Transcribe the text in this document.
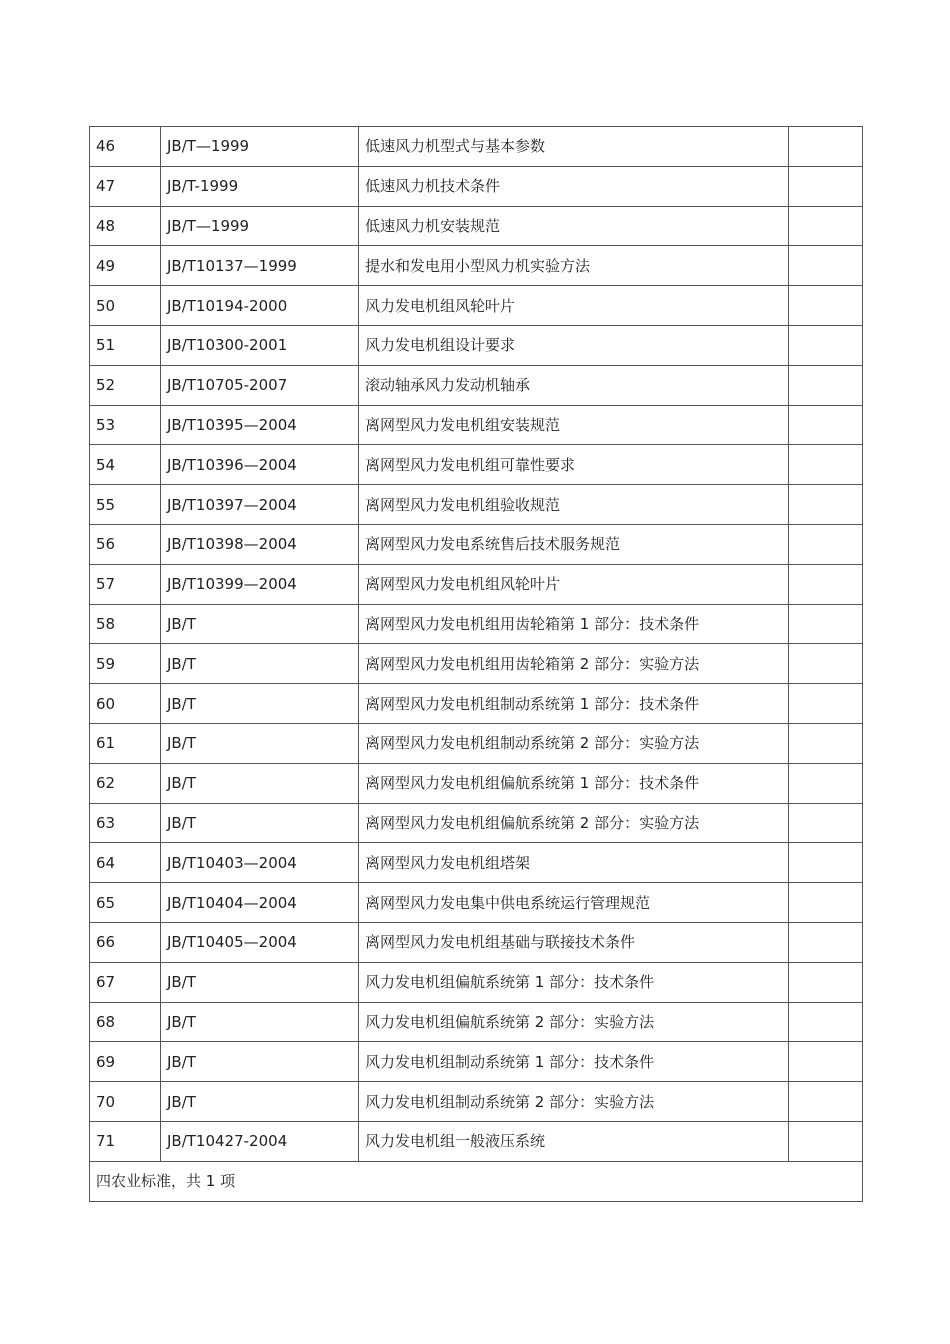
46	JB/T—1999	低速风力机型式与基本参数	
47	JB/T-1999	低速风力机技术条件	
48	JB/T—1999	低速风力机安装规范	
49	JB/T10137—1999	提水和发电用小型风力机实验方法	
50	JB/T10194-2000	风力发电机组风轮叶片	
51	JB/T10300-2001	风力发电机组设计要求	
52	JB/T10705-2007	滚动轴承风力发动机轴承	
53	JB/T10395—2004	离网型风力发电机组安装规范	
54	JB/T10396—2004	离网型风力发电机组可靠性要求	
55	JB/T10397—2004	离网型风力发电机组验收规范	
56	JB/T10398—2004	离网型风力发电系统售后技术服务规范	
57	JB/T10399—2004	离网型风力发电机组风轮叶片	
58	JB/T	离网型风力发电机组用齿轮箱第 1 部分：技术条件	
59	JB/T	离网型风力发电机组用齿轮箱第 2 部分：实验方法	
60	JB/T	离网型风力发电机组制动系统第 1 部分：技术条件	
61	JB/T	离网型风力发电机组制动系统第 2 部分：实验方法	
62	JB/T	离网型风力发电机组偏航系统第 1 部分：技术条件	
63	JB/T	离网型风力发电机组偏航系统第 2 部分：实验方法	
64	JB/T10403—2004	离网型风力发电机组塔架	
65	JB/T10404—2004	离网型风力发电集中供电系统运行管理规范	
66	JB/T10405—2004	离网型风力发电机组基础与联接技术条件	
67	JB/T	风力发电机组偏航系统第 1 部分：技术条件	
68	JB/T	风力发电机组偏航系统第 2 部分：实验方法	
69	JB/T	风力发电机组制动系统第 1 部分：技术条件	
70	JB/T	风力发电机组制动系统第 2 部分：实验方法	
71	JB/T10427-2004	风力发电机组一般液压系统	
四农业标准，共 1 项			
